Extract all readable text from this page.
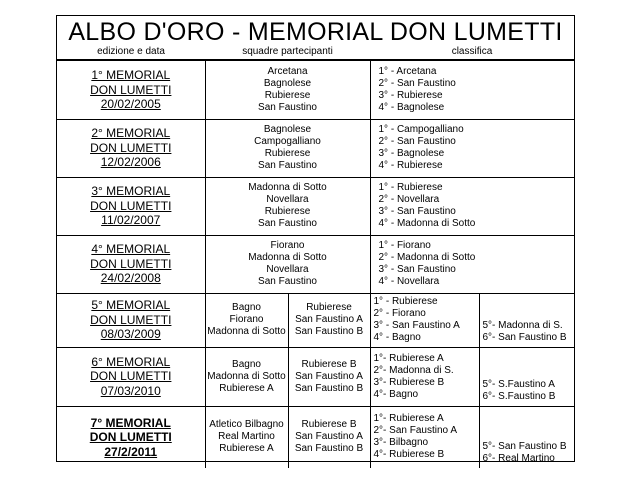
ALBO D'ORO - MEMORIAL DON LUMETTI
edizione e data	squadre partecipanti	classifica
1° MEMORIAL
DON LUMETTI
20/02/2005	Arcetana
Bagnolese
Rubierese
San Faustino		1° - Arcetana
2° - San Faustino
3° - Rubierese
4° - Bagnolese	

2° MEMORIAL
DON LUMETTI
12/02/2006	Bagnolese
Campogalliano
Rubierese
San Faustino		1° - Campogalliano
2° - San Faustino
3° - Bagnolese
4° - Rubierese	

3° MEMORIAL
DON LUMETTI
11/02/2007	Madonna di Sotto
Novellara
Rubierese
San Faustino		1° - Rubierese
2° - Novellara
3° - San Faustino
4° - Madonna di Sotto	

4° MEMORIAL
DON LUMETTI
24/02/2008	Fiorano
Madonna di Sotto
Novellara
San Faustino		1° - Fiorano
2° - Madonna di Sotto
3° - San Faustino
4° - Novellara	

5° MEMORIAL
DON LUMETTI
08/03/2009	Bagno
Fiorano
Madonna di Sotto	Rubierese
San Faustino A
San Faustino B	1° - Rubierese
2° - Fiorano
3° - San Faustino A
4° - Bagno	5°- Madonna di S.
6°- San Faustino B

6° MEMORIAL
DON LUMETTI
07/03/2010	Bagno
Madonna di Sotto
Rubierese A	Rubierese B
San Faustino A
San Faustino B	1°- Rubierese A
2°- Madonna di S.
3°- Rubierese B
4°- Bagno	5°- S.Faustino A
6°- S.Faustino B

7° MEMORIAL
DON LUMETTI
27/2/2011	Atletico Bilbagno
Real Martino
Rubierese A	Rubierese B
San Faustino A
San Faustino B	1°- Rubierese A
2°- San Faustino A
3°- Bilbagno
4°- Rubierese B	5°- San Faustino B
6°- Real Martino
